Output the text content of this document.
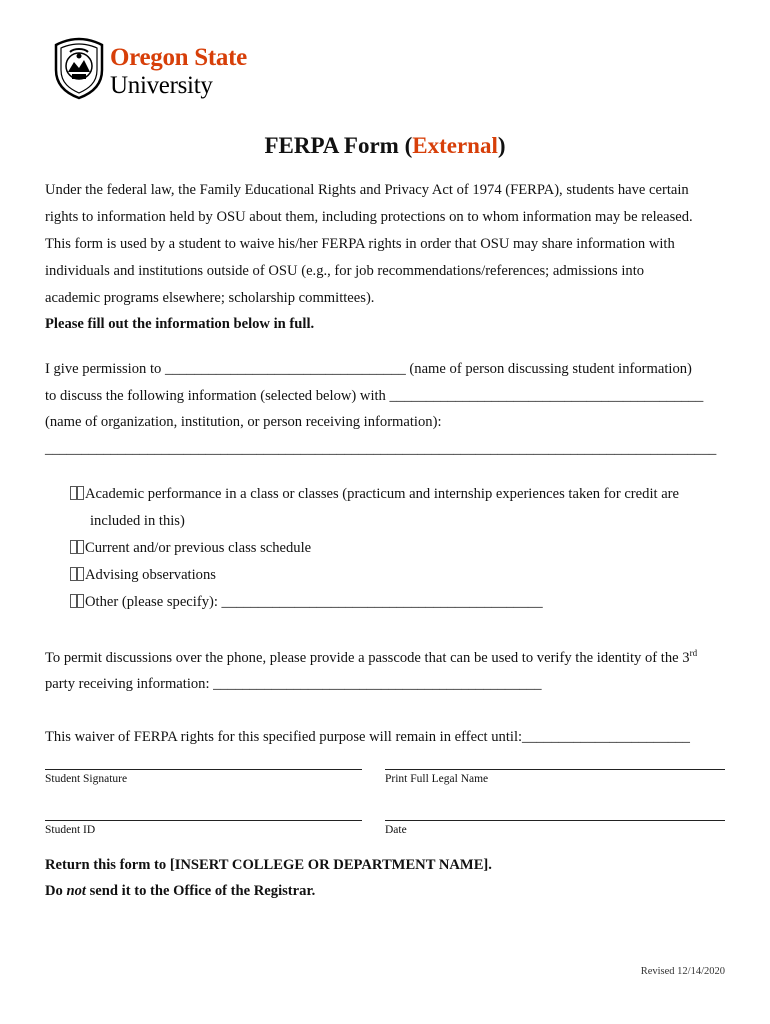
Oregon State
University
FERPA Form (External)
Under the federal law, the Family Educational Rights and Privacy Act of 1974 (FERPA), students have certain
rights to information held by OSU about them, including protections on to whom information may be released.
This form is used by a student to waive his/her FERPA rights in order that OSU may share information with
individuals and institutions outside of OSU (e.g., for job recommendations/references; admissions into
academic programs elsewhere; scholarship committees).
Please fill out the information below in full.
I give permission to _________________________________ (name of person discussing student information)
to discuss the following information (selected below) with ___________________________________________
(name of organization, institution, or person receiving information):
____________________________________________________________________________________________
Academic performance in a class or classes (practicum and internship experiences taken for credit are
included in this)
Current and/or previous class schedule
Advising observations
Other (please specify): ____________________________________________
To permit discussions over the phone, please provide a passcode that can be used to verify the identity of the 3rd
party receiving information: _____________________________________________
This waiver of FERPA rights for this specified purpose will remain in effect until:_______________________
Student Signature	Print Full Legal Name
Student ID	Date
Return this form to [INSERT COLLEGE OR DEPARTMENT NAME].
Do not send it to the Office of the Registrar.
Revised 12/14/2020
